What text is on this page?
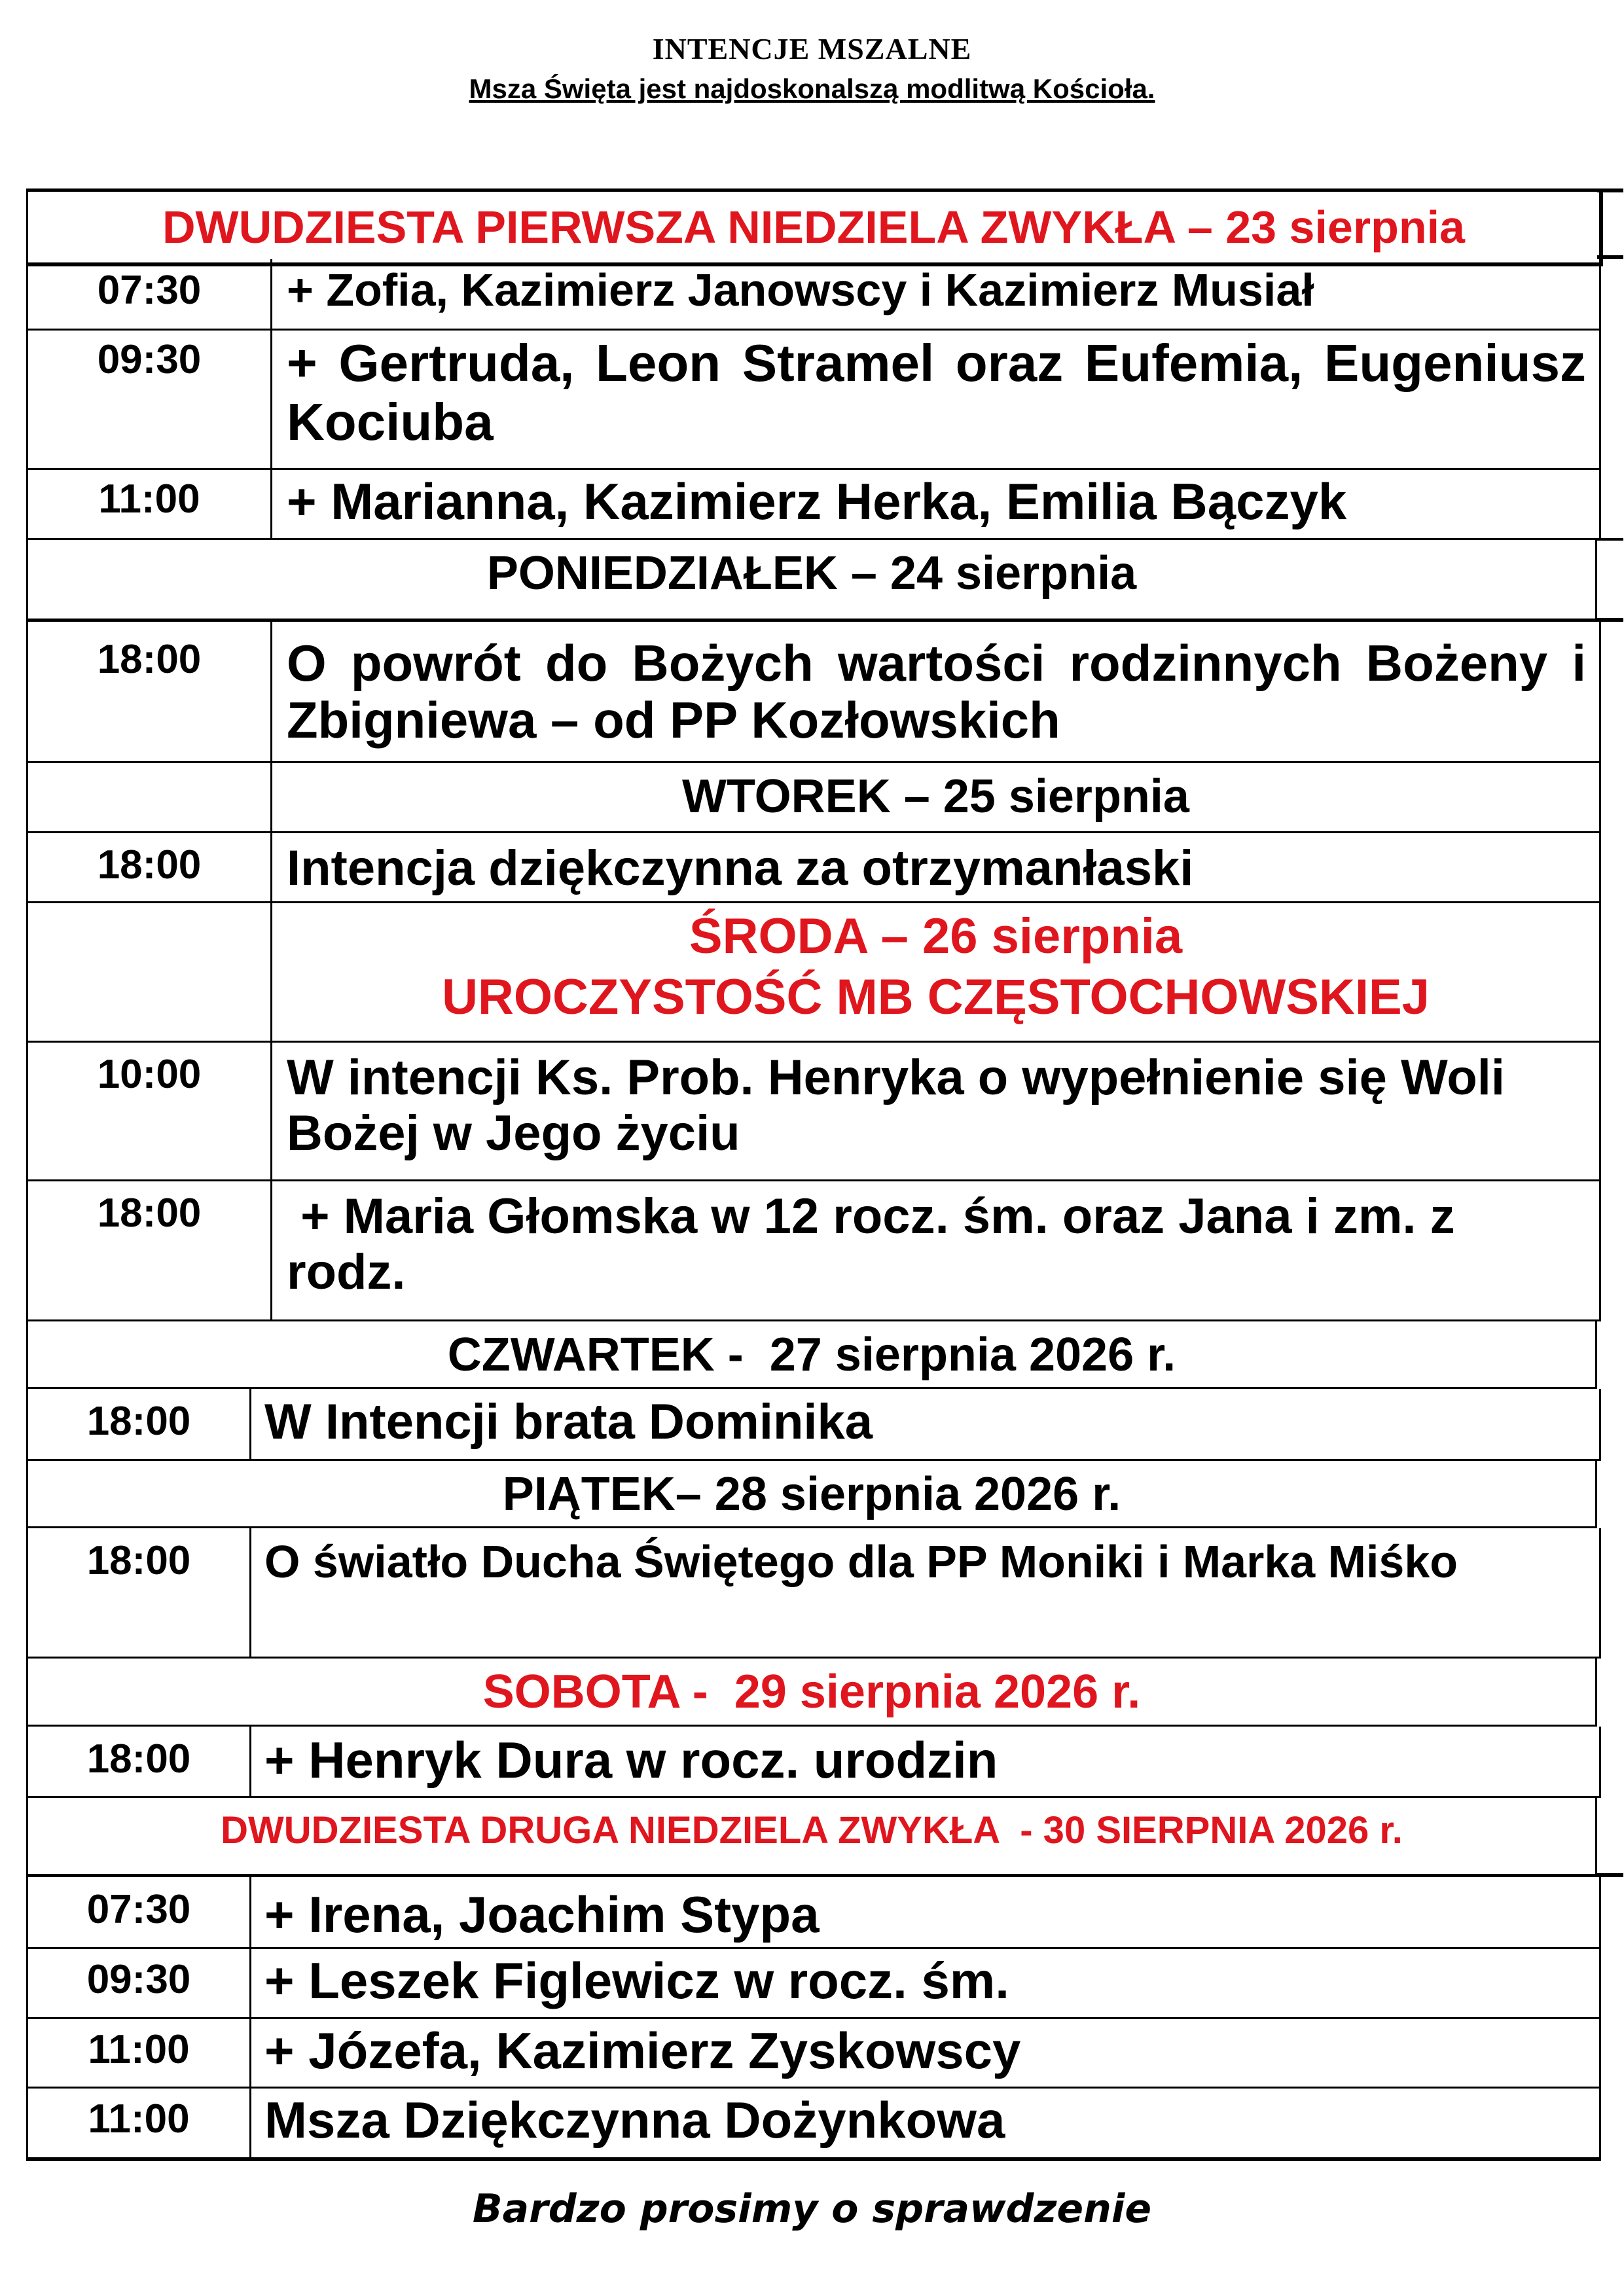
INTENCJE MSZALNE
Msza Święta jest najdoskonalszą modlitwą Kościoła.
DWUDZIESTA PIERWSZA NIEDZIELA ZWYKŁA – 23 sierpnia
07:30	+ Zofia, Kazimierz Janowscy i Kazimierz Musiał
09:30	+ Gertruda, Leon Stramel oraz Eufemia, Eugeniusz Kociuba
11:00	+ Marianna, Kazimierz Herka, Emilia Bączyk
PONIEDZIAŁEK – 24 sierpnia
18:00	O powrót do Bożych wartości rodzinnych Bożeny i Zbigniewa – od PP Kozłowskich
WTOREK – 25 sierpnia
18:00	Intencja dziękczynna za otrzymanłaski
ŚRODA – 26 sierpnia
UROCZYSTOŚĆ MB CZĘSTOCHOWSKIEJ
10:00	W intencji Ks. Prob. Henryka o wypełnienie się Woli Bożej w Jego życiu
18:00	+ Maria Głomska w 12 rocz. śm. oraz Jana i zm. z rodz.
CZWARTEK -  27 sierpnia 2026 r.
18:00	W Intencji brata Dominika
PIĄTEK– 28 sierpnia 2026 r.
18:00	O światło Ducha Świętego dla PP Moniki i Marka Miśko
SOBOTA -  29 sierpnia 2026 r.
18:00	+ Henryk Dura w rocz. urodzin
DWUDZIESTA DRUGA NIEDZIELA ZWYKŁA  - 30 SIERPNIA 2026 r.
07:30	+ Irena, Joachim Stypa
09:30	+ Leszek Figlewicz w rocz. śm.
11:00	+ Józefa, Kazimierz Zyskowscy
11:00	Msza Dziękczynna Dożynkowa
Bardzo prosimy o sprawdzenie
